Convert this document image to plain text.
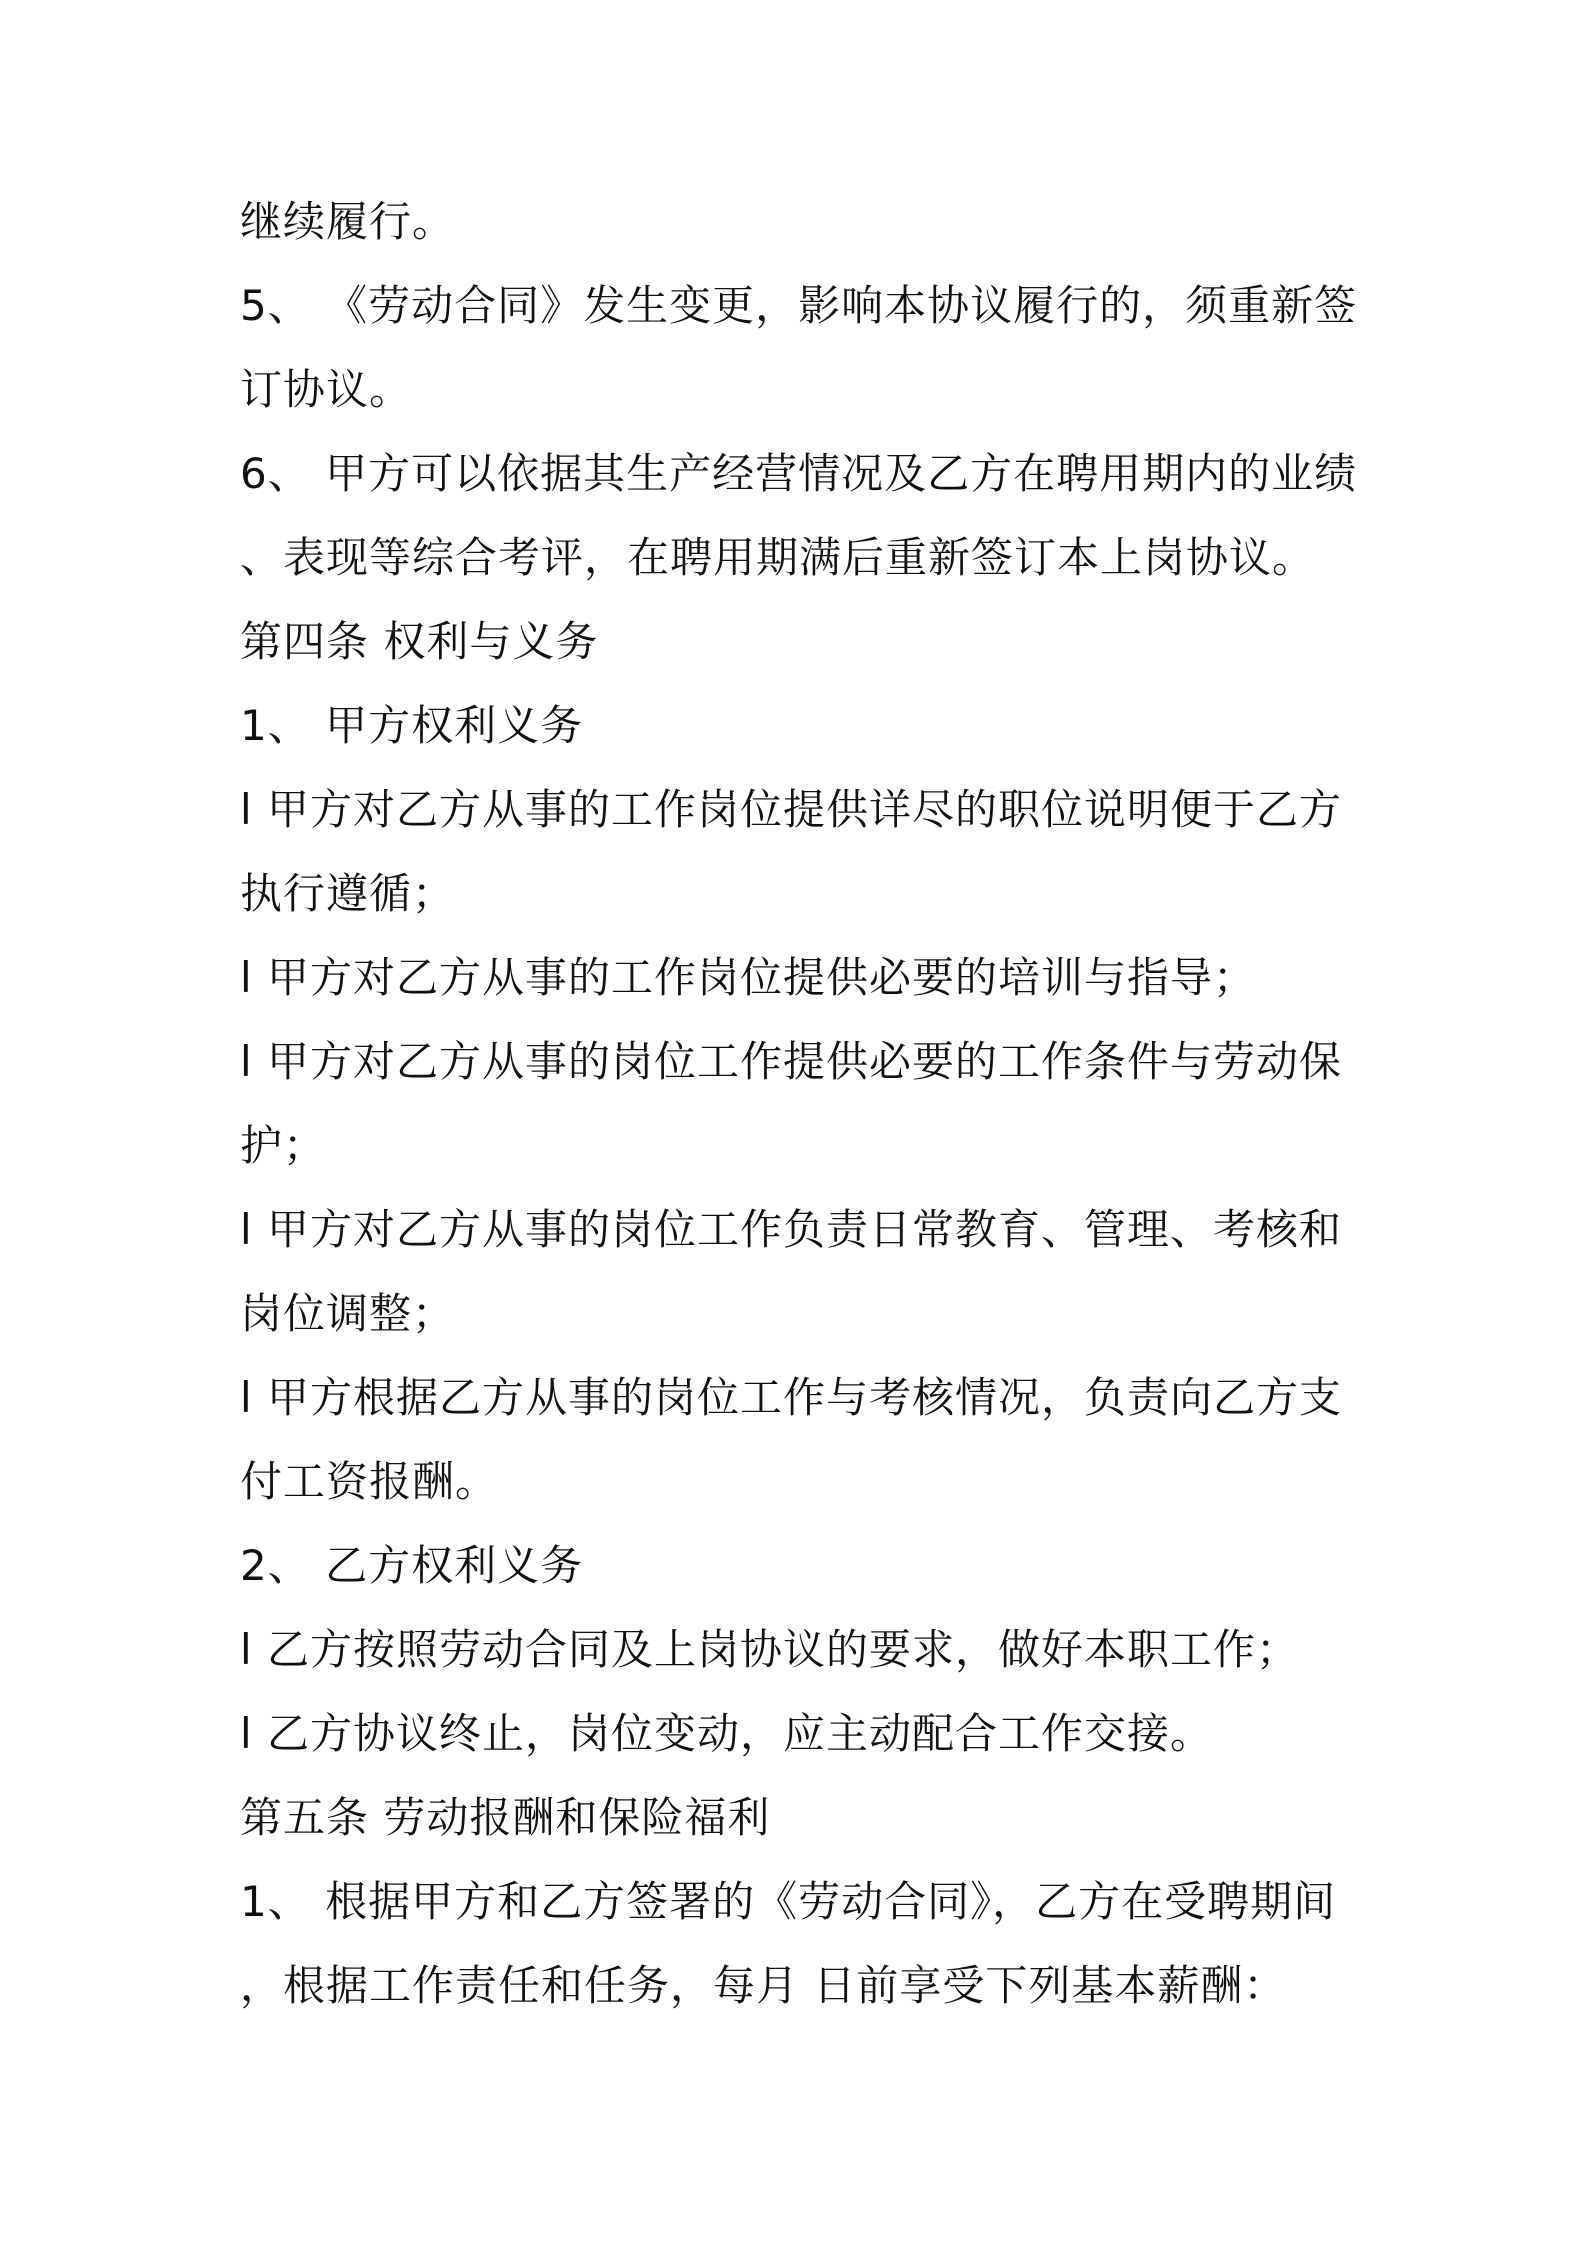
继续履行。
5、 《劳动合同》发生变更，影响本协议履行的，须重新签
订协议。
6、 甲方可以依据其生产经营情况及乙方在聘用期内的业绩
、表现等综合考评，在聘用期满后重新签订本上岗协议。
第四条 权利与义务
1、 甲方权利义务
l 甲方对乙方从事的工作岗位提供详尽的职位说明便于乙方
执行遵循；
l 甲方对乙方从事的工作岗位提供必要的培训与指导；
l 甲方对乙方从事的岗位工作提供必要的工作条件与劳动保
护；
l 甲方对乙方从事的岗位工作负责日常教育、管理、考核和
岗位调整；
l 甲方根据乙方从事的岗位工作与考核情况，负责向乙方支
付工资报酬。
2、 乙方权利义务
l 乙方按照劳动合同及上岗协议的要求，做好本职工作；
l 乙方协议终止，岗位变动，应主动配合工作交接。
第五条 劳动报酬和保险福利
1、 根据甲方和乙方签署的《劳动合同》，乙方在受聘期间
，根据工作责任和任务，每月 日前享受下列基本薪酬：
